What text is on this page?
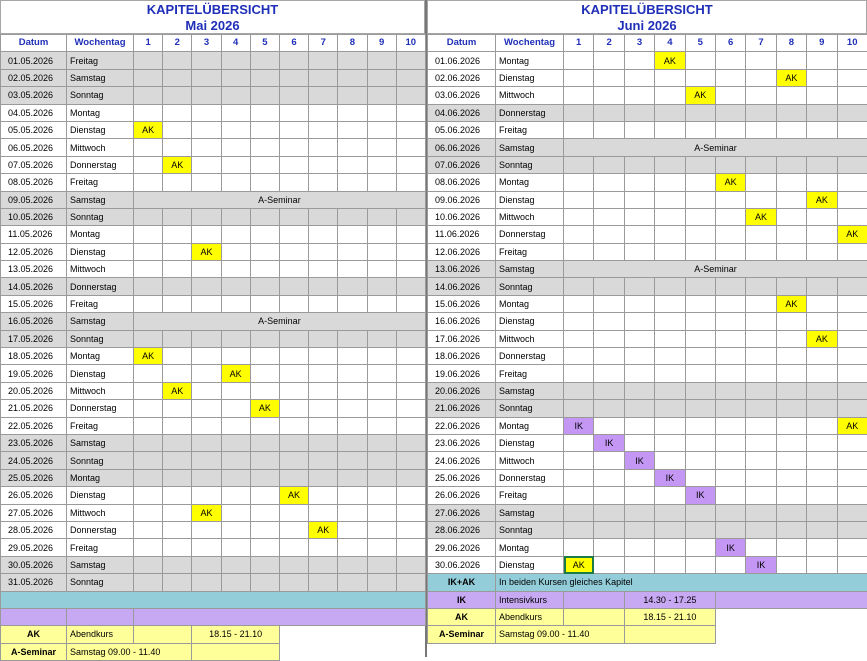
KAPITELÜBERSICHT
Mai 2026
Datum	Wochentag	1	2	3	4	5	6	7	8	9	10
01.05.2026	Freitag										
02.05.2026	Samstag										
03.05.2026	Sonntag										
04.05.2026	Montag										
05.05.2026	Dienstag	AK									
06.05.2026	Mittwoch										
07.05.2026	Donnerstag		AK								
08.05.2026	Freitag										
09.05.2026	Samstag	A-Seminar									
10.05.2026	Sonntag										
11.05.2026	Montag										
12.05.2026	Dienstag			AK							
13.05.2026	Mittwoch										
14.05.2026	Donnerstag										
15.05.2026	Freitag										
16.05.2026	Samstag	A-Seminar									
17.05.2026	Sonntag										
18.05.2026	Montag	AK									
19.05.2026	Dienstag				AK						
20.05.2026	Mittwoch		AK								
21.05.2026	Donnerstag					AK					
22.05.2026	Freitag										
23.05.2026	Samstag										
24.05.2026	Sonntag										
25.05.2026	Montag										
26.05.2026	Dienstag						AK				
27.05.2026	Mittwoch			AK							
28.05.2026	Donnerstag							AK			
29.05.2026	Freitag										
30.05.2026	Samstag										
31.05.2026	Sonntag										

AK	Abendkurs			18.15 - 21.10							
A-Seminar	Samstag 09.00 - 11.40										
KAPITELÜBERSICHT
Juni 2026
Datum	Wochentag	1	2	3	4	5	6	7	8	9	10
01.06.2026	Montag				AK						
02.06.2026	Dienstag								AK		
03.06.2026	Mittwoch					AK					
04.06.2026	Donnerstag										
05.06.2026	Freitag										
06.06.2026	Samstag	A-Seminar									
07.06.2026	Sonntag										
08.06.2026	Montag						AK				
09.06.2026	Dienstag									AK	
10.06.2026	Mittwoch							AK			
11.06.2026	Donnerstag										AK
12.06.2026	Freitag										
13.06.2026	Samstag	A-Seminar									
14.06.2026	Sonntag										
15.06.2026	Montag								AK		
16.06.2026	Dienstag										
17.06.2026	Mittwoch									AK	
18.06.2026	Donnerstag										
19.06.2026	Freitag										
20.06.2026	Samstag										
21.06.2026	Sonntag										
22.06.2026	Montag	IK									AK
23.06.2026	Dienstag		IK								
24.06.2026	Mittwoch			IK							
25.06.2026	Donnerstag				IK						
26.06.2026	Freitag					IK					
27.06.2026	Samstag										
28.06.2026	Sonntag										
29.06.2026	Montag						IK				
30.06.2026	Dienstag	AK						IK			
IK+AK	In beiden Kursen gleiches Kapitel										
IK	Intensivkurs			14.30 - 17.25							
AK	Abendkurs			18.15 - 21.10							
A-Seminar	Samstag 09.00 - 11.40										
